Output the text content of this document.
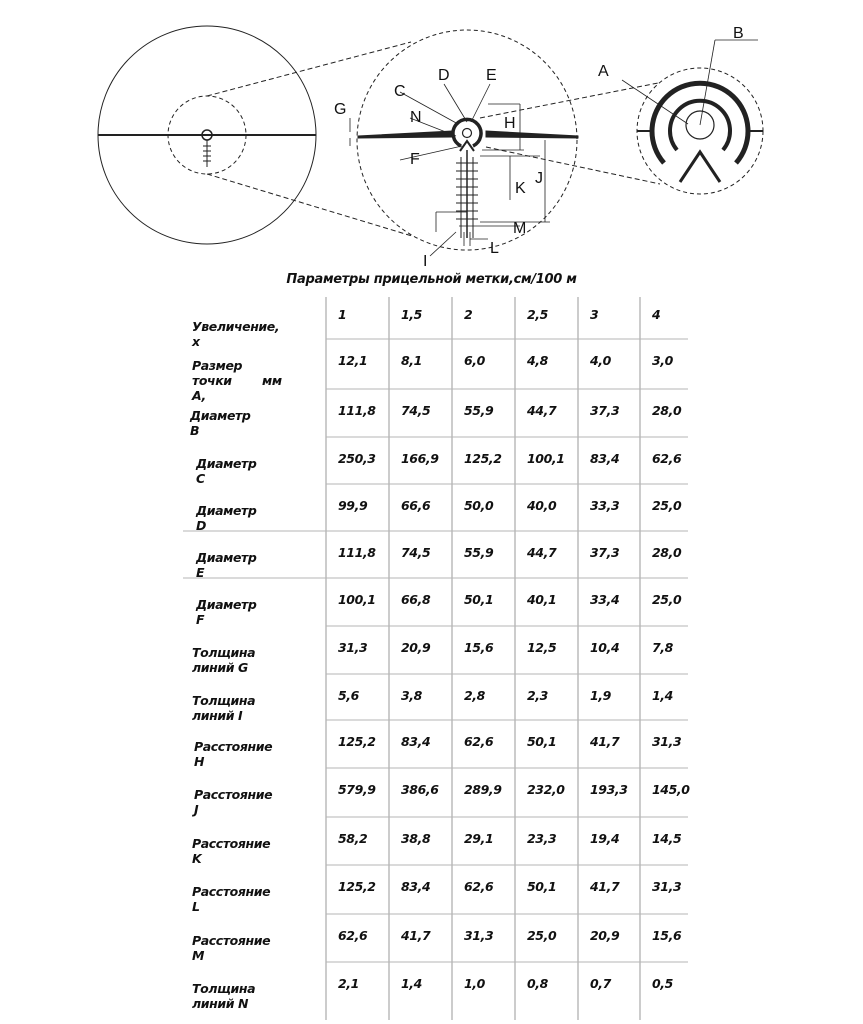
A
B
C
D E
F
G
H
I
J
K
L
M
N
Параметры прицельной метки,см/100 м
Увеличение, х
1	1,5	2	2,5	3	4
Размер точки A,
мм
12,1	8,1	6,0	4,8	4,0	3,0
Диаметр B
111,8 74,5	55,9	44,7	37,3	28,0
Диаметр C
250,3 166,9 125,2 100,1 83,4	62,6
Диаметр D
99,9	66,6	50,0	40,0	33,3	25,0
Диаметр E
111,8 74,5	55,9	44,7	37,3	28,0
Диаметр F
100,1 66,8	50,1	40,1	33,4	25,0
Толщина линий G
31,3	20,9	15,6	12,5	10,4	7,8
Толщина линий I
5,6	3,8	2,8	2,3	1,9	1,4
Расстояние H
125,2 83,4	62,6	50,1	41,7	31,3
Расстояние J
579,9 386,6 289,9 232,0 193,3 145,0
Расстояние K
58,2	38,8	29,1	23,3	19,4	14,5
Расстояние L
125,2 83,4	62,6	50,1	41,7	31,3
Расстояние M
62,6	41,7	31,3	25,0	20,9	15,6
Толщина линий N
2,1	1,4	1,0	0,8	0,7	0,5
